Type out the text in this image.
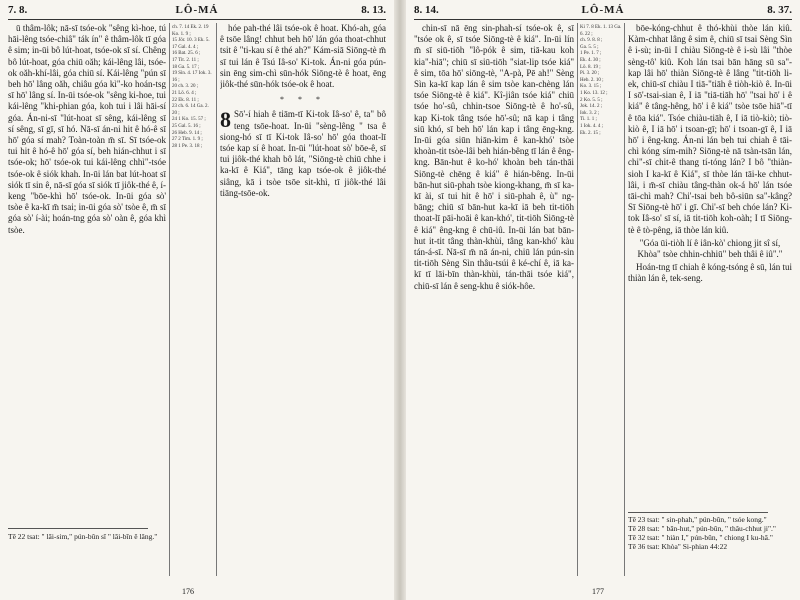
7. 8.	LÔ-MÁ	8. 13.

ū thâm-lôk; nā-sī tsóe-ok "sêng kì-hoe, tú hāi-lêng tsóe-chiâ" ták ín" ê thâm-lôk tī góa ê sim; in-ūi bô lút-hoat, tsóe-ok sī sí. Chêng bô lút-hoat, góa chiū oăh; kái-lêng lâi, tsóe-ok oăh-khí-lâi, góa chiū sí. Kái-lêng "pún sī beh hō' lâng oăh, chiâu góa kì"-ko hoán-tsg sī hō' lâng sí. In-ūi tsóe-ok "sêng ki-hoe, tui kái-lêng "khi-phian góa, koh tui i lâi hāi-sí góa. Án-ni-sī "lút-hoat sī sêng, kái-lêng sī sí sêng, sī gī, sī hó. Nā-sī án-ni hit ê hó-ê sī hō' góa sí mah? Toàn-toàn m̄ sī. Sī tsóe-ok tui hit ê hó-ê hō' góa sí, beh hián-chhut i sī tsóe-ok; hō' tsóe-ok tui kái-lêng chhì"-tsóe tsóe-ok ê siók khah. In-ūi lán bat lút-hoat sī siók tī sin ê, nā-sī góa sī siók tī jiôk-thé ê, í-keng "bōe-khì hō' tsóe-ok. In-ūi góa sò' tsòe ê ka-kī m̄ tsai; in-ūi góa sò' tsòe ê, m̄ sī góa sò' í-ài; hoán-tng góa sò' oàn ê, góa khì tsòe.

ch. 7. 14 Ek. 2. 19 Ko. 1. 9 ;
15 Jōr. 10. 3 Ek. 5. 17 Gal. 4. 4 ;
16 Bat. 25. 6 ;
17 Tit. 2. 11 ;
18 Ga. 5. 17 ;
19 Sìn. 4. 17 Iok. 3. 16 ;
20 ch. 3. 20 ;
21 Lō. 6. 4 ;
22 Ek. 8. 11 ;
23 ch. 6. 14 Ga. 2. 20 ;
24 1 Ko. 15. 57 ;
25 Gal. 5. 16 ;
26 Heb. 9. 14 ;
27 2 Tim. 1. 9 ;
28 1 Pe. 3. 18 ;

hóe pah-thé lâi tsóe-ok ê hoat. Khó-ah, góa ê tsōe lâng! chhut beh hō' lán góa thoat-chhut tsit ê "ti-kau sí ê thé ah?" Kám-siā Siōng-tè m̄ sī tui lán ê Tsú Iâ-so' Ki-tok. Án-ni góa pún-sin ēng sim-chì sūn-hók Siōng-tè ê hoat, ēng jiôk-thé sūn-hók tsóe-ok ê hoat.

* * *
8 Sō'-í hiah ê tiām-tī Ki-tok Iâ-so' ê, ta" bô teng tsōe-hoat. In-ūi "sèng-lêng " tsa ê siong-hó sī tī Ki-tok Iâ-so' hō' góa thoat-lī tsóe kap sí ê hoat. In-ūi "lút-hoat sò' bōe-ê, sī tui jiôk-thé khah bô lát, "Siōng-tè chiū chhe i ka-kī ê Kiá", tāng kap tsóe-ok ê jiôk-thé siâng, kā i tsòe tsōe sit-khì, tī jiôk-thé lâi tiāng-tsōe-ok.

Tē 22 tsat: " lāi-sim," pún-bûn sī " lāi-bīn ê lâng."
176
8. 14.	LÔ-MÁ	8. 37.

chin-sī nā ēng sin-phah-sí tsóe-ok ê, sī "tsóe ok ê, sī tsóe Siōng-tè ê kiá". In-ūi lín m̄ sī siū-tiōh "lô-pók ê sim, tiā-kau koh kia"-hiā"; chiū sī siū-tiōh "siat-lip tsóe kiá" ê sim, tōa hō' siōng-tè, "A-pà, Pē ah!" Sèng Sìn ka-kī kap lán ê sim tsòe kan-chèng lán tsóe Siōng-tè ê kiá". Kî-jiân tsóe kiá" chiū tsóe ho'-sû, chhin-tsoe Siōng-tè ê ho'-sû, kap Ki-tok tâng tsóe hō'-sû; nā kap i tâng siū khó, sī beh hō' lán kap i tâng ēng-kng. In-ūi góa siūn hiān-kim ê kan-khó' tsòe khoàn-tit tsòe-lâi beh hián-bêng tī lán ê êng-kng. Bān-hut ê ko-hó' khoàn beh tán-thāi Siōng-tè chēng ê kiá" ê hián-bêng. In-ūi bān-hut siū-phah tsòe kiong-khang, m̄ sī ka-kī ài, sī tui hit ê hō' i siū-phah ê, ù" ng-bāng; chiū sī bān-hut ka-kī iā beh tit-tiōh thoat-lī pāi-hoāi ê kan-khó', tit-tiōh Siōng-tè ê kiá" êng-kng ê chū-iû. In-ūi lán bat bān-hut it-tit tâng thàn-khùi, tâng kan-khó' kàu tán-á-sī. Nā-sī m̄ nā án-ni, chiū lán pún-sin tit-tiōh Sèng Sìn thâu-tsúi ê ké-chí ê, iā ka-kī tī lāi-bīn thàn-khùi, tán-thāi tsóe kiá", chiū-sī lán ê seng-khu ê siók-hôe.

Ki 7. 8 Ek. 1. 13 Ga. 6. 22 ;
ch. 9. 8. 8 ;
Ga. 5. 5 ;
1 Pe. 1. 7 ;
Ek. 4. 30 ;
Lō. 8. 19 ;
Pi. 3. 20 ;
Heb. 2. 10 ;
Ko. 3. 15 ;
1 Ko. 13. 12 ;
2 Ko. 5. 5 ;
Jok. 14. 2 ;
Iok. 3. 2 ;
Ti. 1. 1 ;
1 Iok. 4. 4 ;
Ek. 2. 15 ;

bōe-kóng-chhut ê thó-khùi thòe lán kiû. Kàm-chhat lâng ê sim ê, chiū sī tsai Sèng Sìn ê i-sù; in-ūi I chiàu Siōng-tè ê i-sù lâi "thòe sèng-tô' kiû. Koh lán tsai bān hāng sū sa"-kap lâi hō' thiàn Siōng-tè ê lâng "tit-tiōh li-ek, chiū-sī chiàu I tiā-"tiāh ê tiòh-kiò ê. In-ūi I sō'-tsai-sian ê, I iā "tiā-tiāh hō' "tsai hō' i ê kiá" ê tâng-hêng, hō' i ê kiá" tsòe tsōe hiā"-tī ê tōa kiá". Tsóe chiàu-tiāh ê, I iā tiò-kiò; tiò-kiò ê, I iā hō' i tsoan-gī; hō' i tsoan-gī ê, I iā hō' i êng-kng. Án-ni lán beh tui chiah ê tāi-chì kóng sím-mih? Siōng-tè nā tsàn-tsān lán, chi"-sī chit-ê thang tí-tóng lán? I bô "thiàn-sioh I ka-kī ê Kiá", sī thòe lán tāi-ke chhut-lâi, i m̄-sī chiàu tâng-thàn ok-á hō' lán tsóe tāi-chì mah? Chi'-tsai beh bô-siūn sa"-kâng? Sī Siōng-tè hō' i gī. Chi'-sī beh chóe lán? Ki-tok Iâ-so' sī sí, iā tit-tiōh koh-oàh; I tī Siōng-tè ê tò-pêng, iā thòe lán kiû.

"Góa ūi-tiòh lí ê iân-kò' chiong jit sî sí, Khòa" tsòe chhin-chhiū" beh thâi ê iû"."

Hoán-tng tī chiah ê kóng-tsóng ê sū, lán tui thiàn lán ê, tek-seng.

Tē 23 tsat: " sin-phah," pún-bûn, " tsóe kong."
Tē 28 tsat: " bān-hut," pún-bûn, " thâu-chhut ji"."
Tē 32 tsat: " hiàn I," pún-bûn, " chiong I ku-hā."
Tē 36 tsat: Khòa" Si-phian 44:22
177
